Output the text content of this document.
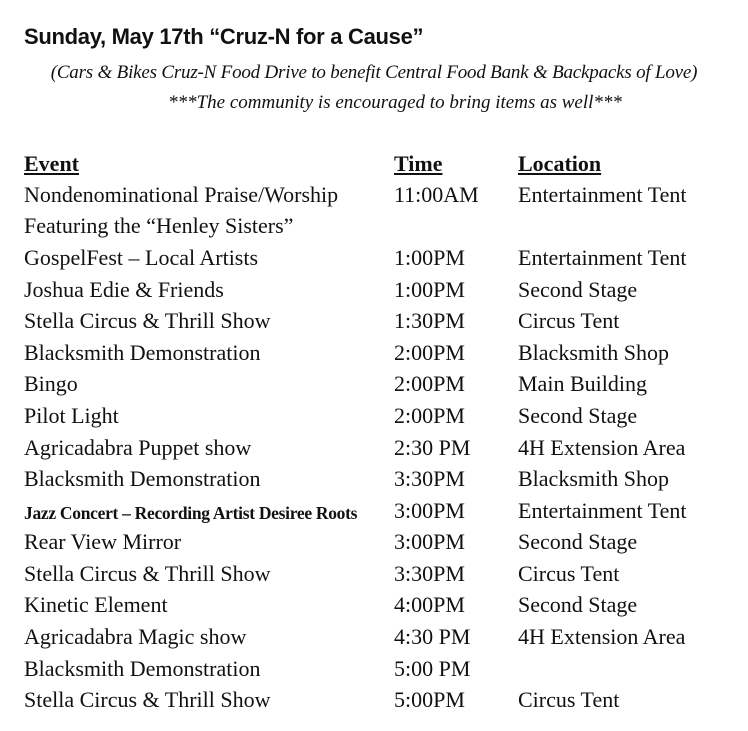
Sunday, May 17th “Cruz-N for a Cause”
(Cars & Bikes Cruz-N Food Drive to benefit Central Food Bank & Backpacks of Love)
***The community is encouraged to bring items as well***
Event	Time	Location
Nondenominational Praise/Worship	11:00AM Entertainment Tent
Featuring the “Henley Sisters”
GospelFest – Local Artists	1:00PM Entertainment Tent
Joshua Edie & Friends	1:00PM Second Stage
Stella Circus & Thrill Show	1:30PM Circus Tent
Blacksmith Demonstration	2:00PM Blacksmith Shop
Bingo	2:00PM Main Building
Pilot Light	2:00PM Second Stage
Agricadabra Puppet show	2:30 PM 4H Extension Area
Blacksmith Demonstration	3:30PM Blacksmith Shop
Jazz Concert – Recording Artist Desiree Roots 3:00PM Entertainment Tent
Rear View Mirror	3:00PM Second Stage
Stella Circus & Thrill Show	3:30PM Circus Tent
Kinetic Element	4:00PM Second Stage
Agricadabra Magic show	4:30 PM 4H Extension Area
Blacksmith Demonstration	5:00 PM
Stella Circus & Thrill Show	5:00PM Circus Tent
